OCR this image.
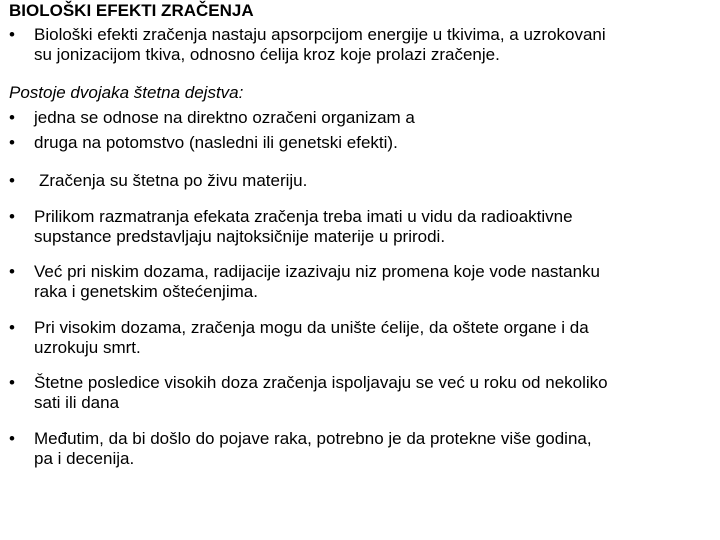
BIOLOŠKI EFEKTI ZRAČENJA
•	Biološki efekti zračenja nastaju apsorpcijom energije u tkivima, a uzrokovani
su jonizacijom tkiva, odnosno ćelija kroz koje prolazi zračenje.
Postoje dvojaka štetna dejstva:
•	jedna se odnose na direktno ozračeni organizam a
•	druga na potomstvo (nasledni ili genetski efekti).
•	Zračenja su štetna po živu materiju.
•	Prilikom razmatranja efekata zračenja treba imati u vidu da radioaktivne
supstance predstavljaju najtoksičnije materije u prirodi.
•	Već pri niskim dozama, radijacije izazivaju niz promena koje vode nastanku
raka i genetskim oštećenjima.
•	Pri visokim dozama, zračenja mogu da unište ćelije, da oštete organe i da
uzrokuju smrt.
•	Štetne posledice visokih doza zračenja ispoljavaju se već u roku od nekoliko
sati ili dana
•	Međutim, da bi došlo do pojave raka, potrebno je da protekne više godina,
pa i decenija.
